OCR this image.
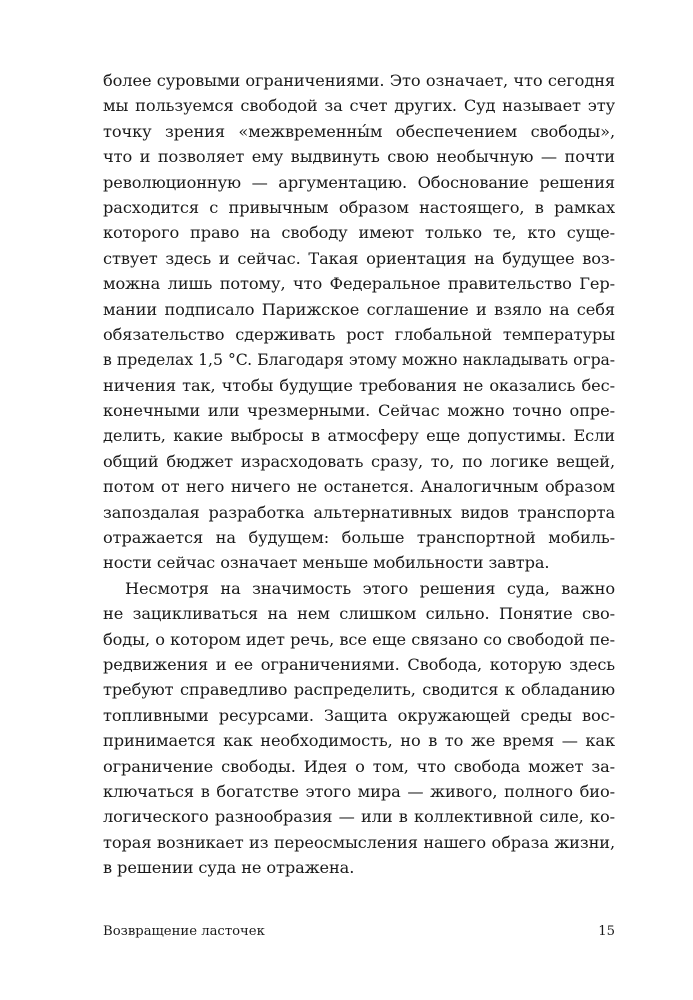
более суровыми ограничениями. Это означает, что сегодня
мы пользуемся свободой за счет других. Суд называет эту
точку зрения «межвременны́м обеспечением свободы»,
что и позволяет ему выдвинуть свою необычную — почти
революционную — аргументацию. Обоснование решения
расходится с привычным образом настоящего, в рамках
которого право на свободу имеют только те, кто суще-
ствует здесь и сейчас. Такая ориентация на будущее воз-
можна лишь потому, что Федеральное правительство Гер-
мании подписало Парижское соглашение и взяло на себя
обязательство сдерживать рост глобальной температуры
в пределах 1,5 °C. Благодаря этому можно накладывать огра-
ничения так, чтобы будущие требования не оказались бес-
конечными или чрезмерными. Сейчас можно точно опре-
делить, какие выбросы в атмосферу еще допустимы. Если
общий бюджет израсходовать сразу, то, по логике вещей,
потом от него ничего не останется. Аналогичным образом
запоздалая разработка альтернативных видов транспорта
отражается на будущем: больше транспортной мобиль-
ности сейчас означает меньше мобильности завтра.
Несмотря на значимость этого решения суда, важно
не зацикливаться на нем слишком сильно. Понятие сво-
боды, о котором идет речь, все еще связано со свободой пе-
редвижения и ее ограничениями. Свобода, которую здесь
требуют справедливо распределить, сводится к обладанию
топливными ресурсами. Защита окружающей среды вос-
принимается как необходимость, но в то же время — как
ограничение свободы. Идея о том, что свобода может за-
ключаться в богатстве этого мира — живого, полного био-
логического разнообразия — или в коллективной силе, ко-
торая возникает из переосмысления нашего образа жизни,
в решении суда не отражена.
Возвращение ласточек	15
